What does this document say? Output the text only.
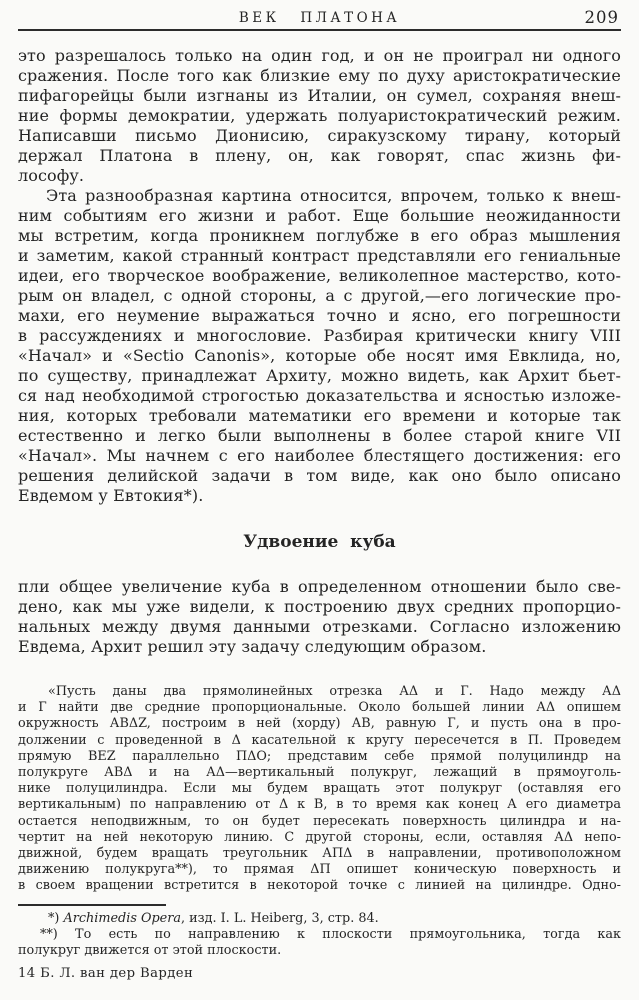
ВЕК ПЛАТОНА	209
это разрешалось только на один год, и он не проиграл ни одного
сражения. После того как близкие ему по духу аристократические
пифагорейцы были изгнаны из Италии, он сумел, сохраняя внеш-
ние формы демократии, удержать полуаристократический режим.
Написавши письмо Дионисию, сиракузскому тирану, который
держал Платона в плену, он, как говорят, спас жизнь фи-
лософу.
Эта разнообразная картина относится, впрочем, только к внеш-
ним событиям его жизни и работ. Еще большие неожиданности
мы встретим, когда проникнем поглубже в его образ мышления
и заметим, какой странный контраст представляли его гениальные
идеи, его творческое воображение, великолепное мастерство, кото-
рым он владел, с одной стороны, а с другой,—его логические про-
махи, его неумение выражаться точно и ясно, его погрешности
в рассуждениях и многословие. Разбирая критически книгу VIII
«Начал» и «Sectio Canonis», которые обе носят имя Евклида, но,
по существу, принадлежат Архиту, можно видеть, как Архит бьет-
ся над необходимой строгостью доказательства и ясностью изложе-
ния, которых требовали математики его времени и которые так
естественно и легко были выполнены в более старой книге VII
«Начал». Мы начнем с его наиболее блестящего достижения: его
решения делийской задачи в том виде, как оно было описано
Евдемом у Евтокия*).
Удвоение куба
пли общее увеличение куба в определенном отношении было све-
дено, как мы уже видели, к построению двух средних пропорцио-
нальных между двумя данными отрезками. Согласно изложению
Евдема, Архит решил эту задачу следующим образом.
«Пусть даны два прямолинейных отрезка АΔ и Г. Надо между АΔ
и Г найти две средние пропорциональные. Около большей линии АΔ опишем
окружность АВΔZ, построим в ней (хорду) АВ, равную Г, и пусть она в про-
должении с проведенной в Δ касательной к кругу пересечется в П. Проведем
прямую BEZ параллельно ПΔО; представим себе прямой полуцилиндр на
полукруге АВΔ и на АΔ—вертикальный полукруг, лежащий в прямоуголь-
нике полуцилиндра. Если мы будем вращать этот полукруг (оставляя его
вертикальным) по направлению от Δ к В, в то время как конец А его диаметра
остается неподвижным, то он будет пересекать поверхность цилиндра и на-
чертит на ней некоторую линию. С другой стороны, если, оставляя АΔ непо-
движной, будем вращать треугольник АПΔ в направлении, противоположном
движению полукруга**), то прямая ΔП опишет коническую поверхность и
в своем вращении встретится в некоторой точке с линией на цилиндре. Одно-
*) Archimedis Opera, изд. I. L. Heiberg, 3, стр. 84.
**) То есть по направлению к плоскости прямоугольника, тогда как
полукруг движется от этой плоскости.
14 Б. Л. ван дер Варден
